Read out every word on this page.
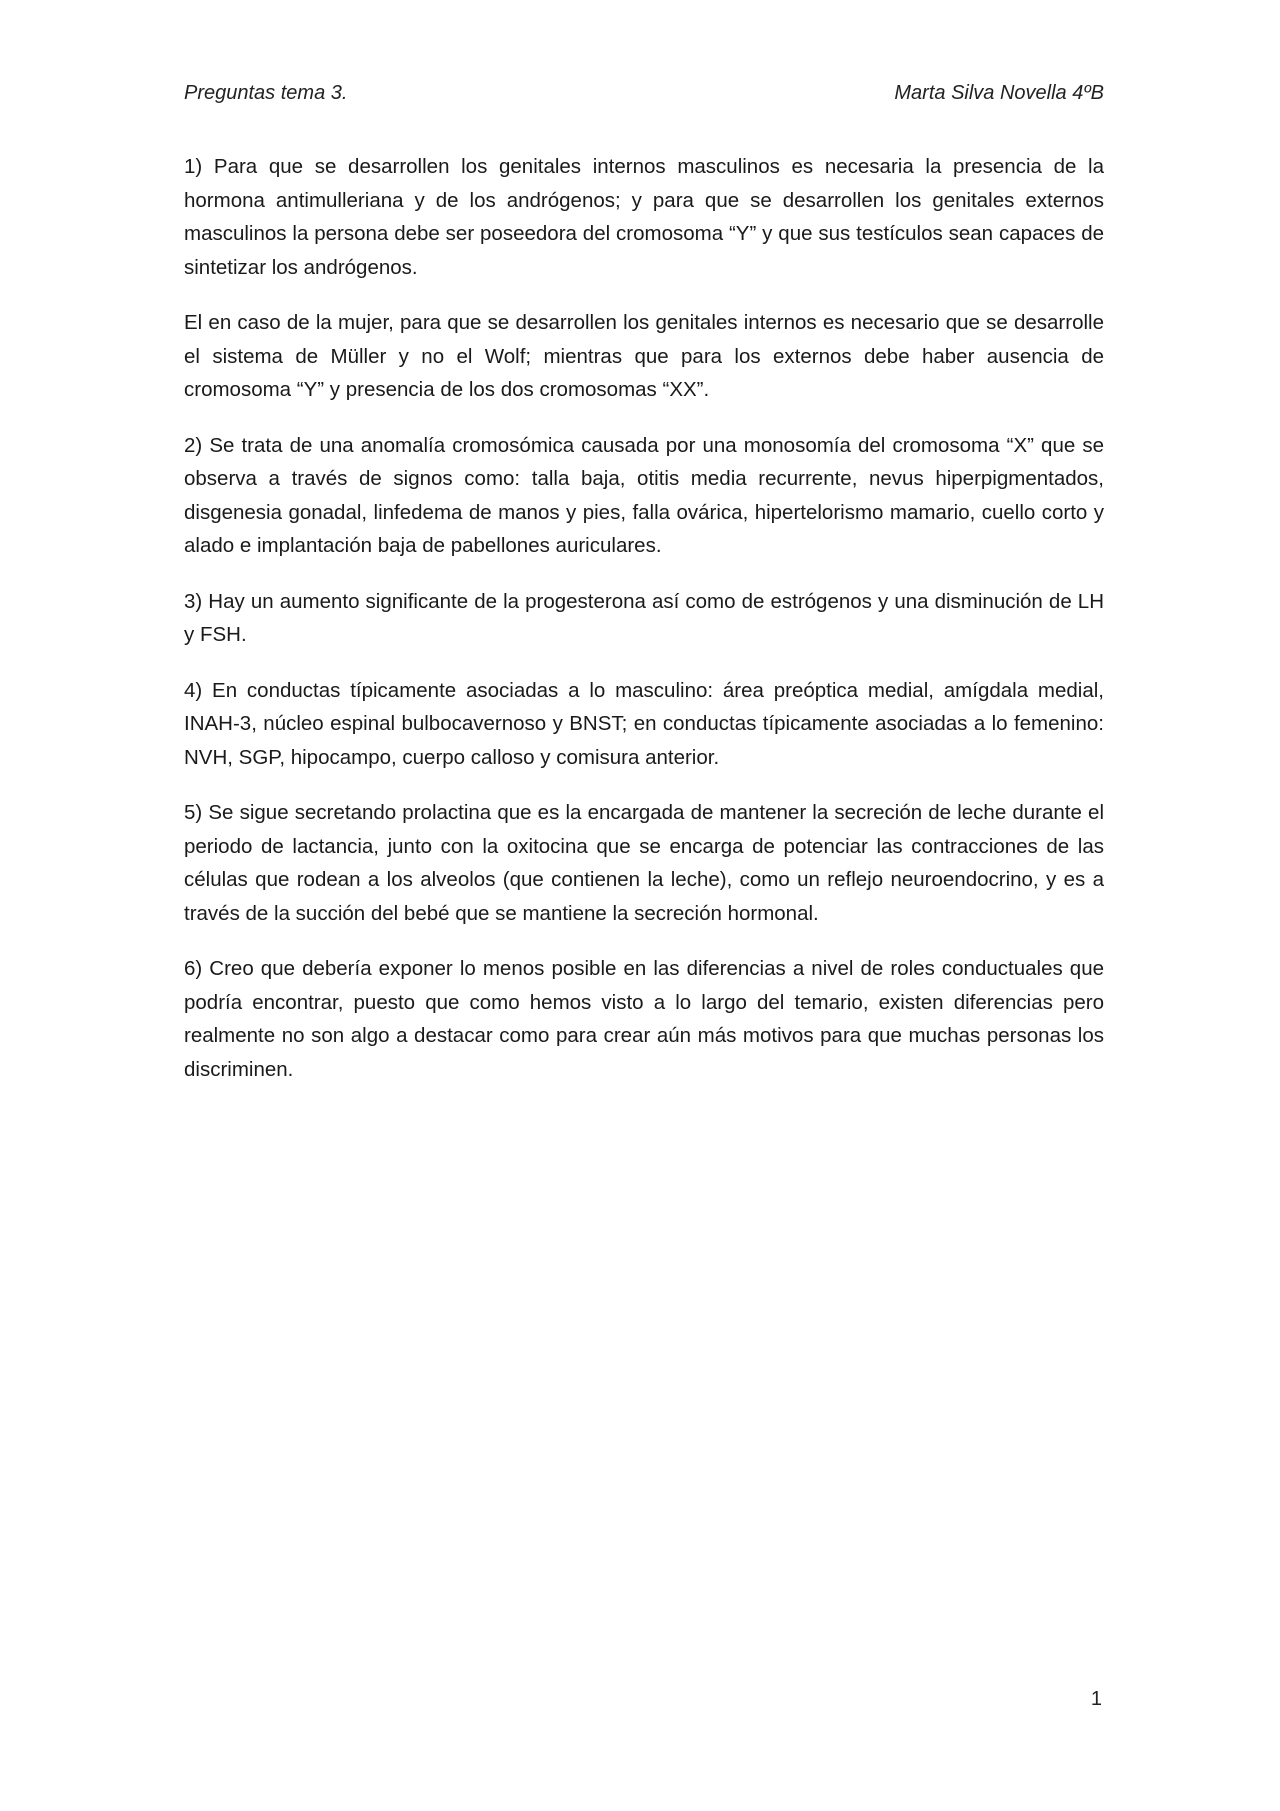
Preguntas tema 3.	Marta Silva Novella 4ºB

1) Para que se desarrollen los genitales internos masculinos es necesaria la presencia de la hormona antimulleriana y de los andrógenos; y para que se desarrollen los genitales externos masculinos la persona debe ser poseedora del cromosoma “Y” y que sus testículos sean capaces de sintetizar los andrógenos.

El en caso de la mujer, para que se desarrollen los genitales internos es necesario que se desarrolle el sistema de Müller y no el Wolf; mientras que para los externos debe haber ausencia de cromosoma “Y” y presencia de los dos cromosomas “XX”.

2) Se trata de una anomalía cromosómica causada por una monosomía del cromosoma “X” que se observa a través de signos como: talla baja, otitis media recurrente, nevus hiperpigmentados, disgenesia gonadal, linfedema de manos y pies, falla ovárica, hipertelorismo mamario, cuello corto y alado e implantación baja de pabellones auriculares.

3) Hay un aumento significante de la progesterona así como de estrógenos y una disminución de LH y FSH.

4) En conductas típicamente asociadas a lo masculino: área preóptica medial, amígdala medial, INAH-3, núcleo espinal bulbocavernoso y BNST; en conductas típicamente asociadas a lo femenino: NVH, SGP, hipocampo, cuerpo calloso y comisura anterior.

5) Se sigue secretando prolactina que es la encargada de mantener la secreción de leche durante el periodo de lactancia, junto con la oxitocina que se encarga de potenciar las contracciones de las células que rodean a los alveolos (que contienen la leche), como un reflejo neuroendocrino, y es a través de la succión del bebé que se mantiene la secreción hormonal.

6) Creo que debería exponer lo menos posible en las diferencias a nivel de roles conductuales que podría encontrar, puesto que como hemos visto a lo largo del temario, existen diferencias pero realmente no son algo a destacar como para crear aún más motivos para que muchas personas los discriminen.

1
